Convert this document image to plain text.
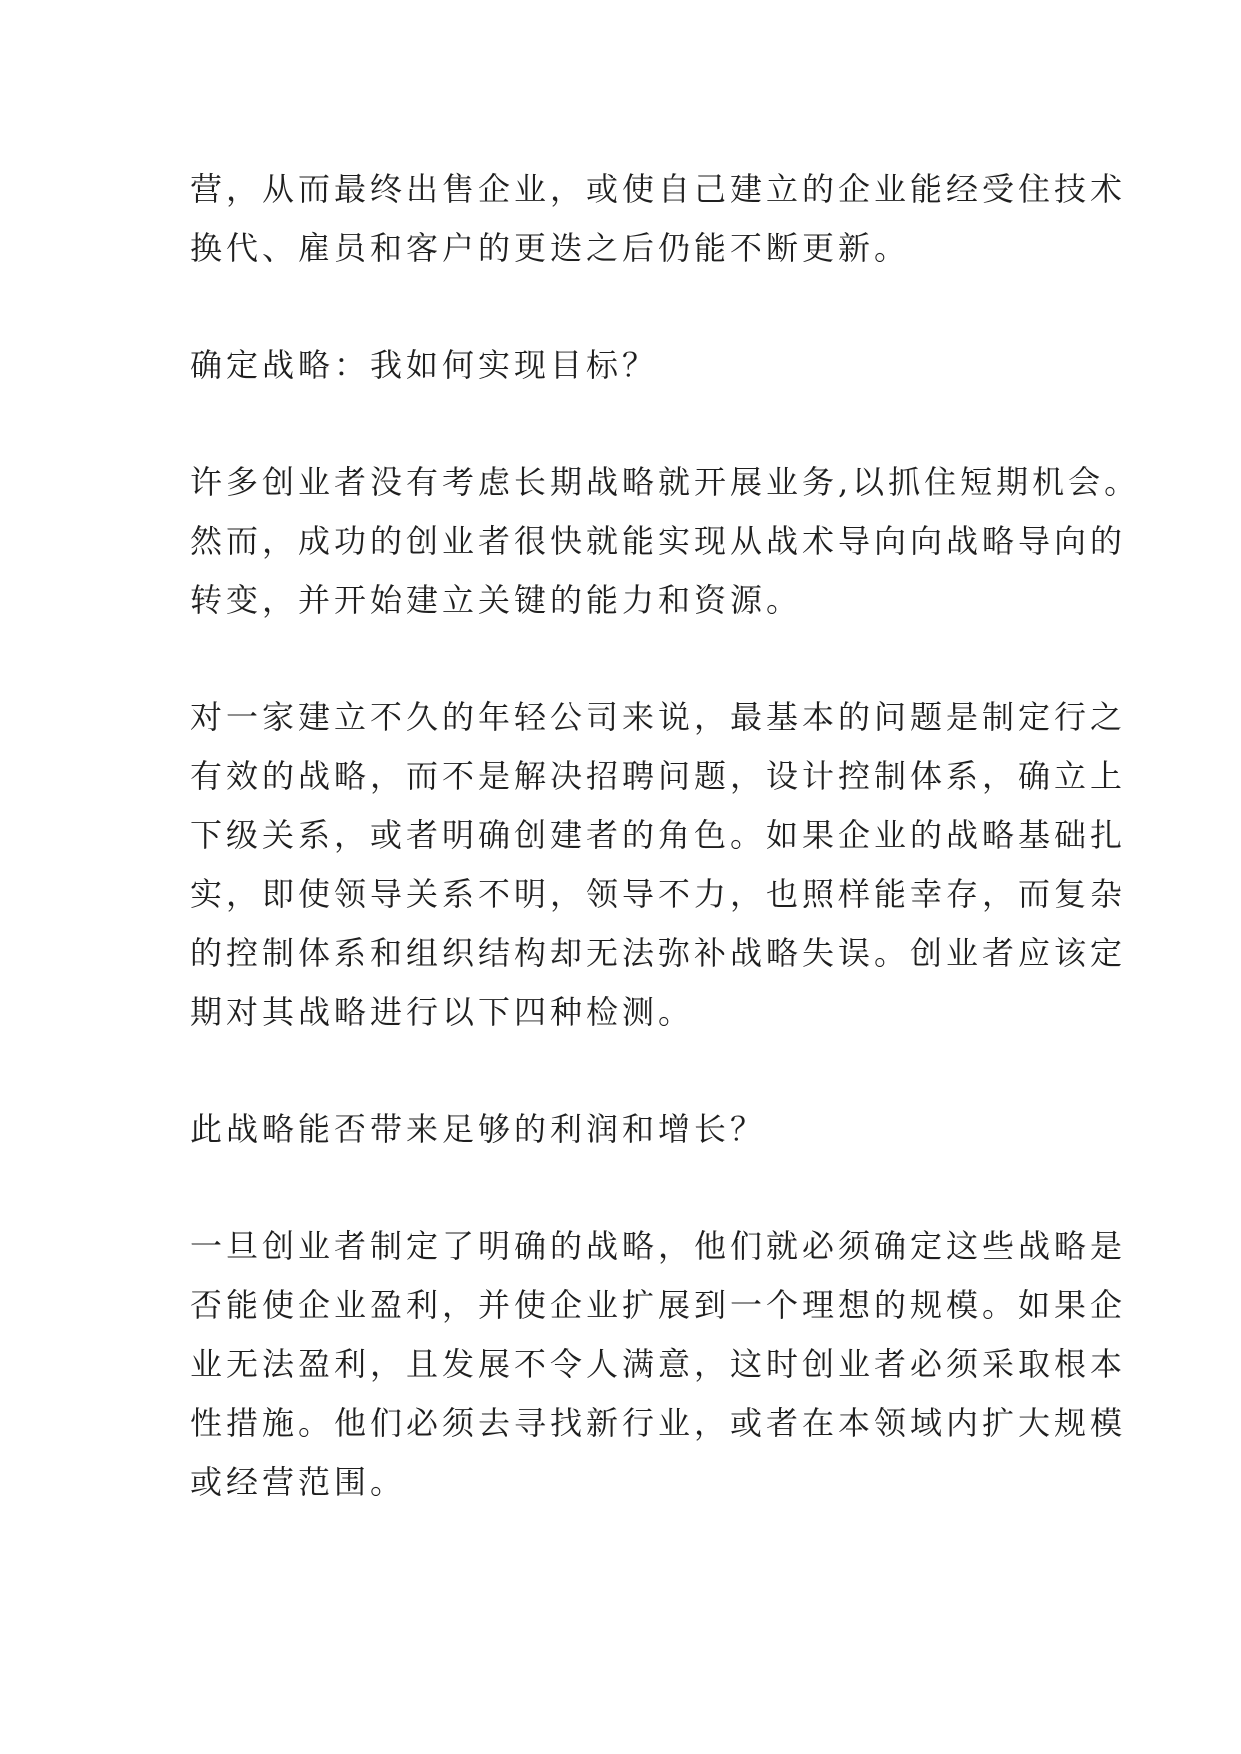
营，从而最终出售企业，或使自己建立的企业能经受住技术
换代、雇员和客户的更迭之后仍能不断更新。
确定战略：我如何实现目标？
许多创业者没有考虑长期战略就开展业务,以抓住短期机会。
然而，成功的创业者很快就能实现从战术导向向战略导向的
转变，并开始建立关键的能力和资源。
对一家建立不久的年轻公司来说，最基本的问题是制定行之
有效的战略，而不是解决招聘问题，设计控制体系，确立上
下级关系，或者明确创建者的角色。如果企业的战略基础扎
实，即使领导关系不明，领导不力，也照样能幸存，而复杂
的控制体系和组织结构却无法弥补战略失误。创业者应该定
期对其战略进行以下四种检测。
此战略能否带来足够的利润和增长？
一旦创业者制定了明确的战略，他们就必须确定这些战略是
否能使企业盈利，并使企业扩展到一个理想的规模。如果企
业无法盈利，且发展不令人满意，这时创业者必须采取根本
性措施。他们必须去寻找新行业，或者在本领域内扩大规模
或经营范围。
